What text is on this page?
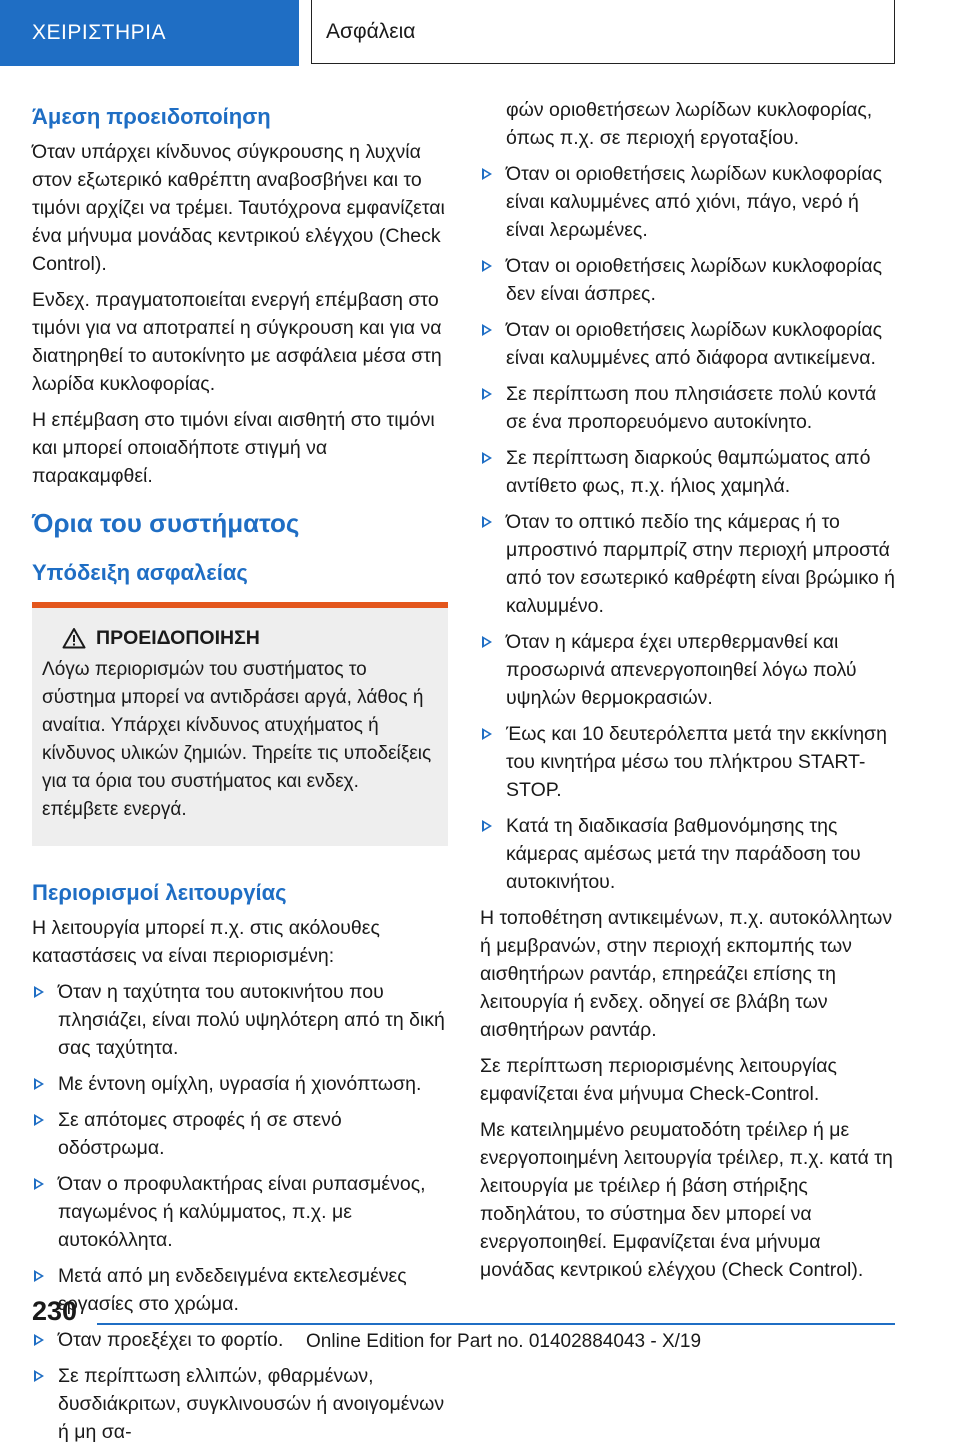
ΧΕΙΡΙΣΤΗΡΙΑ	Ασφάλεια
Άμεση προειδοποίηση

Όταν υπάρχει κίνδυνος σύγκρουσης η λυχνία στον εξωτερικό καθρέπτη αναβοσβήνει και το τιμόνι αρχίζει να τρέμει. Ταυτόχρονα εμφανίζεται ένα μήνυμα μονάδας κεντρικού ελέγχου (Check Control).

Ενδεχ. πραγματοποιείται ενεργή επέμβαση στο τιμόνι για να αποτραπεί η σύγκρουση και για να διατηρηθεί το αυτοκίνητο με ασφάλεια μέσα στη λωρίδα κυκλοφορίας.

Η επέμβαση στο τιμόνι είναι αισθητή στο τιμόνι και μπορεί οποιαδήποτε στιγμή να παρακαμφθεί.

Όρια του συστήματος
Υπόδειξη ασφαλείας
ΠΡΟΕΙΔΟΠΟΙΗΣΗ
Λόγω περιορισμών του συστήματος το σύστημα μπορεί να αντιδράσει αργά, λάθος ή αναίτια. Υπάρχει κίνδυνος ατυχήματος ή κίνδυνος υλικών ζημιών. Τηρείτε τις υποδείξεις για τα όρια του συστήματος και ενδεχ. επέμβετε ενεργά.
Περιορισμοί λειτουργίας

Η λειτουργία μπορεί π.χ. στις ακόλουθες καταστάσεις να είναι περιορισμένη:

Όταν η ταχύτητα του αυτοκινήτου που πλησιάζει, είναι πολύ υψηλότερη από τη δική σας ταχύτητα.
Με έντονη ομίχλη, υγρασία ή χιονόπτωση.
Σε απότομες στροφές ή σε στενό οδόστρωμα.
Όταν ο προφυλακτήρας είναι ρυπασμένος, παγωμένος ή καλύμματος, π.χ. με αυτοκόλλητα.
Μετά από μη ενδεδειγμένα εκτελεσμένες εργασίες στο χρώμα.
Όταν προεξέχει το φορτίο.
Σε περίπτωση ελλιπών, φθαρμένων, δυσδιάκριτων, συγκλινουσών ή ανοιγομένων ή μη σα-

φών οριοθετήσεων λωρίδων κυκλοφορίας, όπως π.χ. σε περιοχή εργοταξίου.

Όταν οι οριοθετήσεις λωρίδων κυκλοφορίας είναι καλυμμένες από χιόνι, πάγο, νερό ή είναι λερωμένες.
Όταν οι οριοθετήσεις λωρίδων κυκλοφορίας δεν είναι άσπρες.
Όταν οι οριοθετήσεις λωρίδων κυκλοφορίας είναι καλυμμένες από διάφορα αντικείμενα.
Σε περίπτωση που πλησιάσετε πολύ κοντά σε ένα προπορευόμενο αυτοκίνητο.
Σε περίπτωση διαρκούς θαμπώματος από αντίθετο φως, π.χ. ήλιος χαμηλά.
Όταν το οπτικό πεδίο της κάμερας ή το μπροστινό παρμπρίζ στην περιοχή μπροστά από τον εσωτερικό καθρέφτη είναι βρώμικο ή καλυμμένο.
Όταν η κάμερα έχει υπερθερμανθεί και προσωρινά απενεργοποιηθεί λόγω πολύ υψηλών θερμοκρασιών.
Έως και 10 δευτερόλεπτα μετά την εκκίνηση του κινητήρα μέσω του πλήκτρου START-STOP.
Κατά τη διαδικασία βαθμονόμησης της κάμερας αμέσως μετά την παράδοση του αυτοκινήτου.

Η τοποθέτηση αντικειμένων, π.χ. αυτοκόλλητων ή μεμβρανών, στην περιοχή εκπομπής των αισθητήρων ραντάρ, επηρεάζει επίσης τη λειτουργία ή ενδεχ. οδηγεί σε βλάβη των αισθητήρων ραντάρ.

Σε περίπτωση περιορισμένης λειτουργίας εμφανίζεται ένα μήνυμα Check-Control.

Με κατειλημμένο ρευματοδότη τρέιλερ ή με ενεργοποιημένη λειτουργία τρέιλερ, π.χ. κατά τη λειτουργία με τρέιλερ ή βάση στήριξης ποδηλάτου, το σύστημα δεν μπορεί να ενεργοποιηθεί. Εμφανίζεται ένα μήνυμα μονάδας κεντρικού ελέγχου (Check Control).

230
Online Edition for Part no. 01402884043 - X/19
